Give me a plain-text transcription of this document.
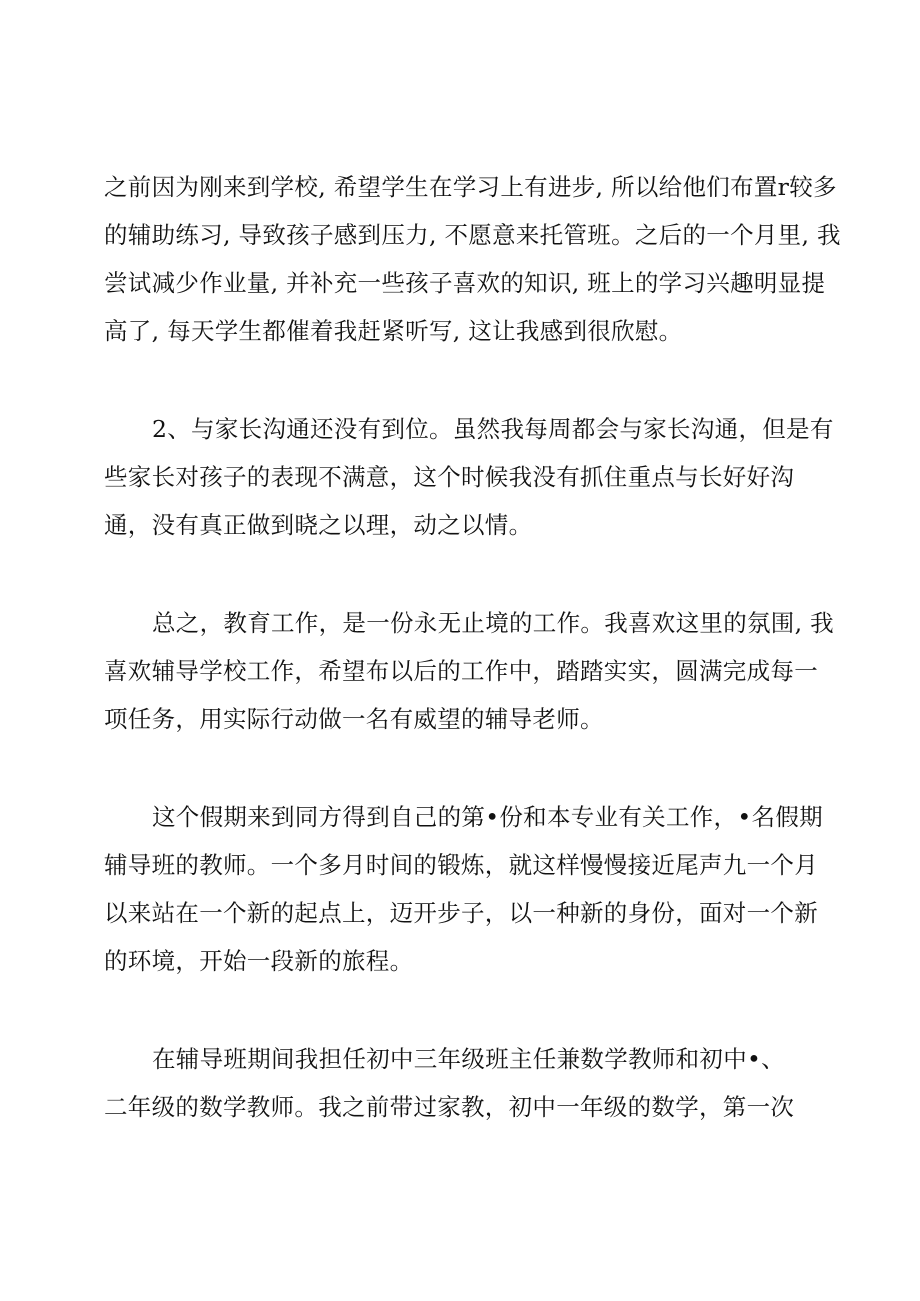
之前因为刚来到学校, 希望学生在学习上有进步, 所以给他们布置r较多

的辅助练习, 导致孩子感到压力, 不愿意来托管班。之后的一个月里, 我

尝试减少作业量, 并补充一些孩子喜欢的知识, 班上的学习兴趣明显提

高了, 每天学生都催着我赶紧听写, 这让我感到很欣慰。

2、与家长沟通还没有到位。虽然我每周都会与家长沟通，但是有

些家长对孩子的表现不满意，这个时候我没有抓住重点与长好好沟

通，没有真正做到晓之以理，动之以情。

总之，教育工作，是一份永无止境的工作。我喜欢这里的氛围, 我

喜欢辅导学校工作，希望布以后的工作中，踏踏实实，圆满完成每一

项任务，用实际行动做一名有威望的辅导老师。

这个假期来到同方得到自己的第•份和本专业有关工作，•名假期

辅导班的教师。一个多月时间的锻炼，就这样慢慢接近尾声九一个月

以来站在一个新的起点上，迈开步子，以一种新的身份，面对一个新

的环境，开始一段新的旅程。

在辅导班期间我担任初中三年级班主任兼数学教师和初中•、

二年级的数学教师。我之前带过家教，初中一年级的数学，第一次
